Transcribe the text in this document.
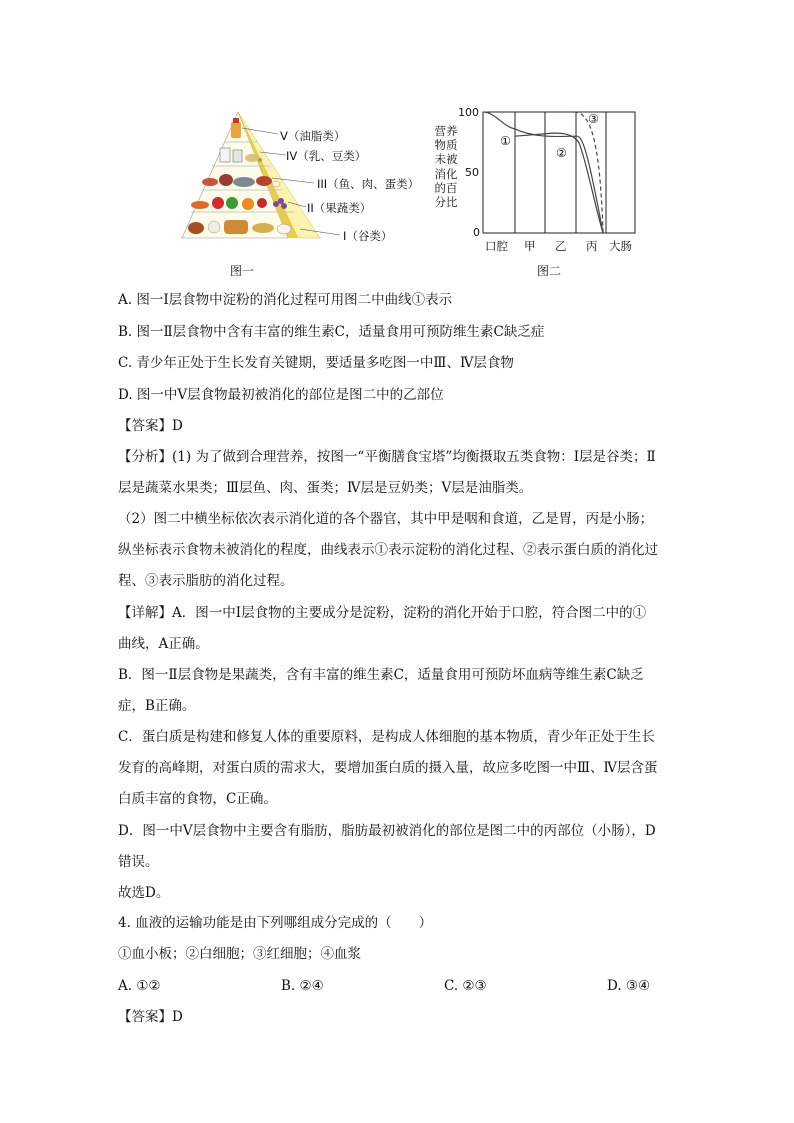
V（油脂类）
IV（乳、豆类）
III（鱼、肉、蛋类）
II（果蔬类）
I（谷类）
图一
营养
物质
未被
消化
的百
分比
100
50
0
口腔 甲 乙 丙 大肠
①
②
③
图二
A. 图一Ⅰ层食物中淀粉的消化过程可用图二中曲线①表示
B. 图一Ⅱ层食物中含有丰富的维生素C，适量食用可预防维生素C缺乏症
C. 青少年正处于生长发育关键期，要适量多吃图一中Ⅲ、Ⅳ层食物
D. 图一中Ⅴ层食物最初被消化的部位是图二中的乙部位
【答案】D
【分析】(1) 为了做到合理营养，按图一“平衡膳食宝塔”均衡摄取五类食物：Ⅰ层是谷类；Ⅱ
层是蔬菜水果类；Ⅲ层鱼、肉、蛋类；Ⅳ层是豆奶类；Ⅴ层是油脂类。
（2）图二中横坐标依次表示消化道的各个器官，其中甲是咽和食道，乙是胃，丙是小肠；
纵坐标表示食物未被消化的程度，曲线表示①表示淀粉的消化过程、②表示蛋白质的消化过
程、③表示脂肪的消化过程。
【详解】A．图一中Ⅰ层食物的主要成分是淀粉，淀粉的消化开始于口腔，符合图二中的①
曲线，A正确。
B．图一Ⅱ层食物是果蔬类，含有丰富的维生素C，适量食用可预防坏血病等维生素C缺乏
症，B正确。
C．蛋白质是构建和修复人体的重要原料，是构成人体细胞的基本物质，青少年正处于生长
发育的高峰期，对蛋白质的需求大，要增加蛋白质的摄入量，故应多吃图一中Ⅲ、Ⅳ层含蛋
白质丰富的食物，C正确。
D．图一中Ⅴ层食物中主要含有脂肪，脂肪最初被消化的部位是图二中的丙部位（小肠），D
错误。
故选D。
4. 血液的运输功能是由下列哪组成分完成的（　　）
①血小板；②白细胞；③红细胞；④血浆
A. ①②	B. ②④	C. ②③	D. ③④
【答案】D
